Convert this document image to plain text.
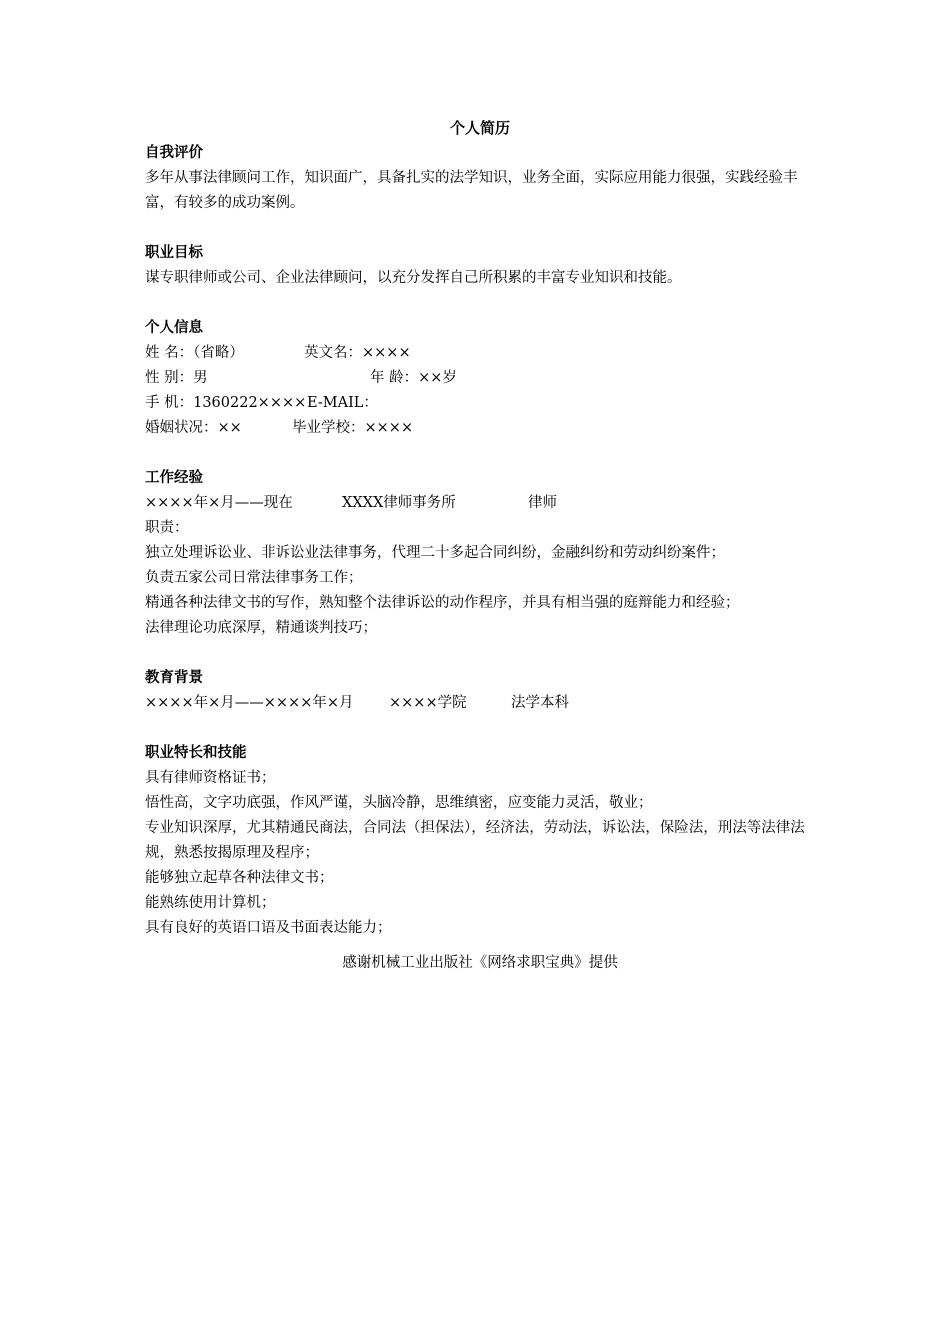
个人简历
自我评价
多年从事法律顾问工作，知识面广，具备扎实的法学知识，业务全面，实际应用能力很强，实践经验丰富，有较多的成功案例。
职业目标
谋专职律师或公司、企业法律顾问，以充分发挥自己所积累的丰富专业知识和技能。
个人信息
姓 名：（省略）	英文名：××××
性 别：男	年 龄：××岁
手 机：1360222××××E-MAIL：
婚姻状况：××	毕业学校：××××
工作经验
××××年×月——现在	XXXX律师事务所	律师
职责：
独立处理诉讼业、非诉讼业法律事务，代理二十多起合同纠纷，金融纠纷和劳动纠纷案件；
负责五家公司日常法律事务工作；
精通各种法律文书的写作，熟知整个法律诉讼的动作程序，并具有相当强的庭辩能力和经验；
法律理论功底深厚，精通谈判技巧；
教育背景
××××年×月——××××年×月 ××××学院	法学本科
职业特长和技能
具有律师资格证书；
悟性高，文字功底强，作风严谨，头脑冷静，思维缜密，应变能力灵活，敬业；
专业知识深厚，尤其精通民商法，合同法（担保法），经济法，劳动法，诉讼法，保险法，刑法等法律法规，熟悉按揭原理及程序；
能够独立起草各种法律文书；
能熟练使用计算机；
具有良好的英语口语及书面表达能力；
感谢机械工业出版社《网络求职宝典》提供
